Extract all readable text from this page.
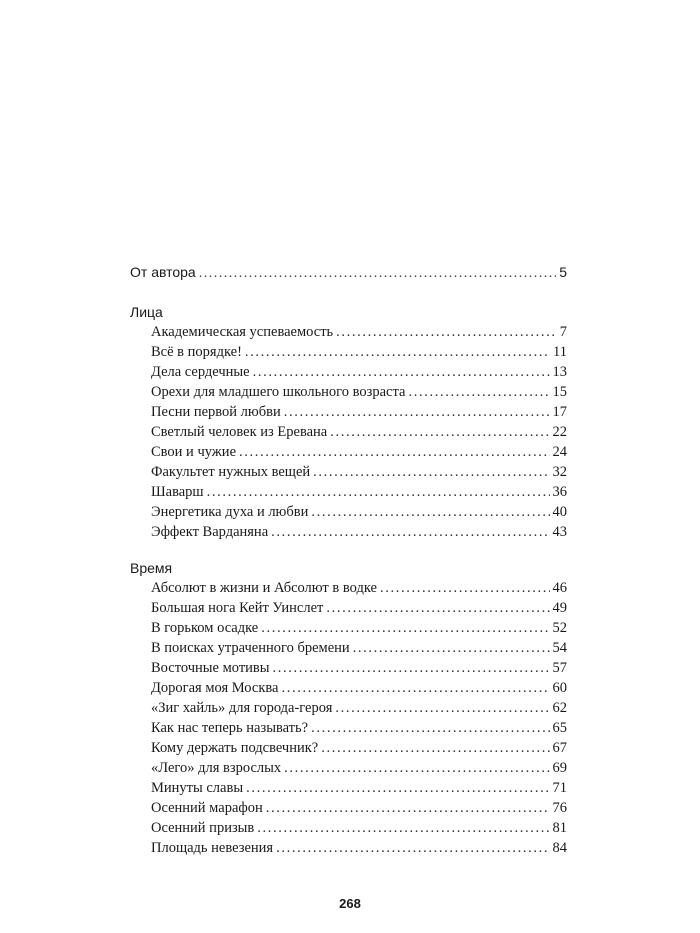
От автора . . .	5
Лица
Академическая успеваемость . . .	7
Всё в порядке! . . .	11
Дела сердечные . . .	13
Орехи для младшего школьного возраста . . .	15
Песни первой любви . . .	17
Светлый человек из Еревана . . .	22
Свои и чужие . . .	24
Факультет нужных вещей . . .	32
Шаварш . . .	36
Энергетика духа и любви . . .	40
Эффект Варданяна . . .	43
Время
Абсолют в жизни и Абсолют в водке . . .	46
Большая нога Кейт Уинслет . . .	49
В горьком осадке . . .	52
В поисках утраченного бремени . . .	54
Восточные мотивы . . .	57
Дорогая моя Москва . . .	60
«Зиг хайль» для города-героя . . .	62
Как нас теперь называть? . . .	65
Кому держать подсвечник? . . .	67
«Лего» для взрослых . . .	69
Минуты славы . . .	71
Осенний марафон . . .	76
Осенний призыв . . .	81
Площадь невезения . . .	84
268
